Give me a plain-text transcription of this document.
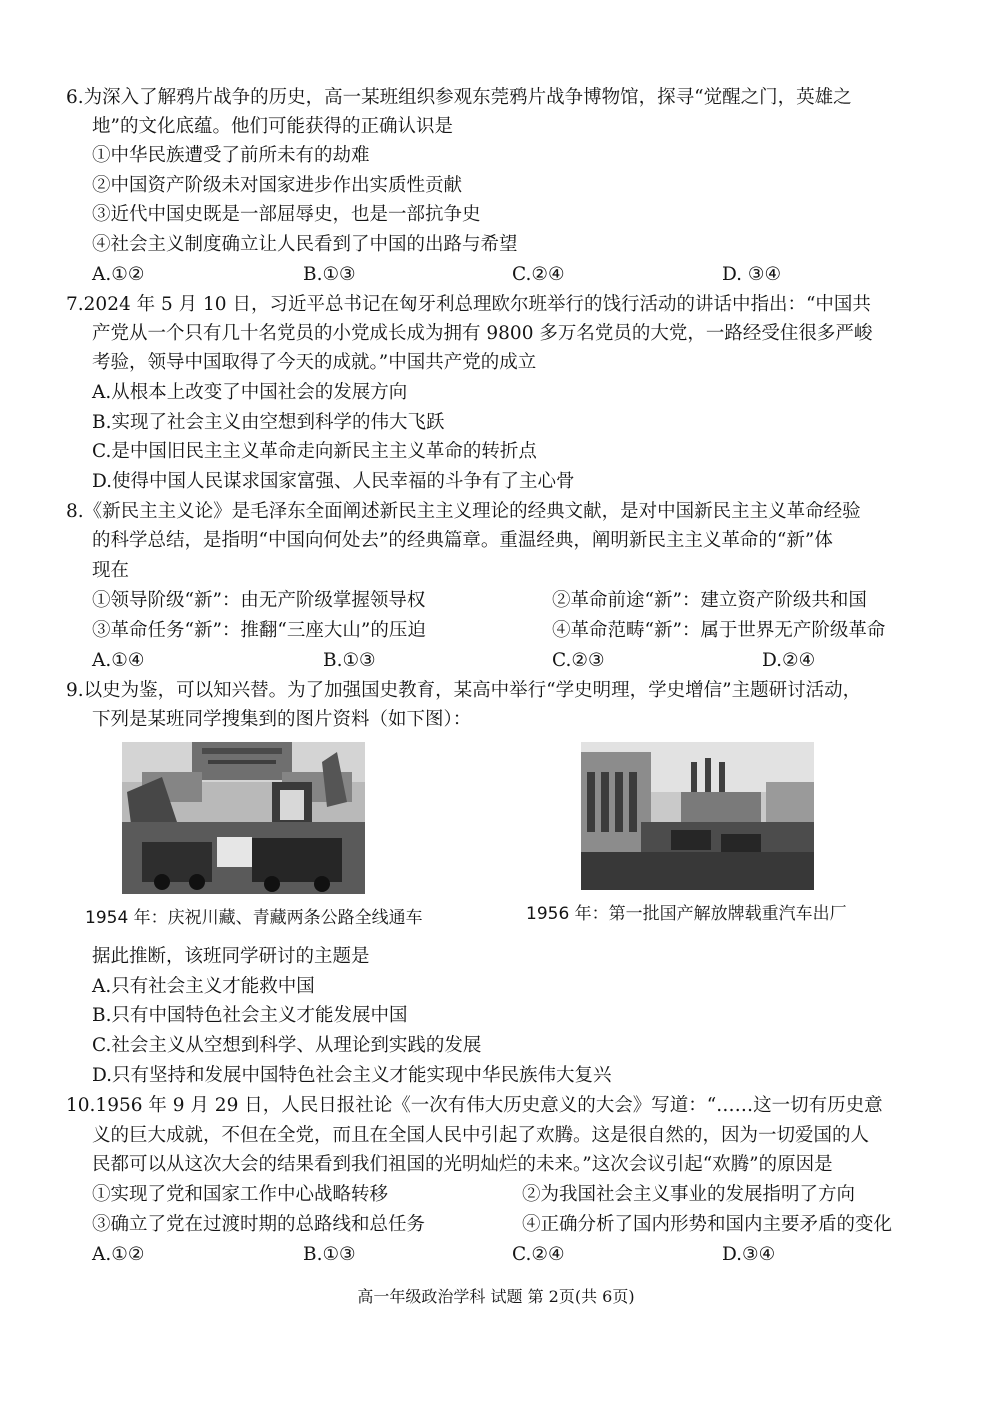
6.为深入了解鸦片战争的历史，高一某班组织参观东莞鸦片战争博物馆，探寻“觉醒之门，英雄之
地”的文化底蕴。他们可能获得的正确认识是
①中华民族遭受了前所未有的劫难
②中国资产阶级未对国家进步作出实质性贡献
③近代中国史既是一部屈辱史，也是一部抗争史
④社会主义制度确立让人民看到了中国的出路与希望
A.①②	B.①③	C.②④	D. ③④
7.2024 年 5 月 10 日，习近平总书记在匈牙利总理欧尔班举行的饯行活动的讲话中指出：“中国共
产党从一个只有几十名党员的小党成长成为拥有 9800 多万名党员的大党，一路经受住很多严峻
考验，领导中国取得了今天的成就。”中国共产党的成立
A.从根本上改变了中国社会的发展方向
B.实现了社会主义由空想到科学的伟大飞跃
C.是中国旧民主主义革命走向新民主主义革命的转折点
D.使得中国人民谋求国家富强、人民幸福的斗争有了主心骨
8.《新民主主义论》是毛泽东全面阐述新民主主义理论的经典文献，是对中国新民主主义革命经验
的科学总结，是指明“中国向何处去”的经典篇章。重温经典，阐明新民主主义革命的“新”体
现在
①领导阶级“新”：由无产阶级掌握领导权	②革命前途“新”：建立资产阶级共和国
③革命任务“新”：推翻“三座大山”的压迫	④革命范畴“新”：属于世界无产阶级革命
A.①④	B.①③	C.②③	D.②④
9.以史为鉴，可以知兴替。为了加强国史教育，某高中举行“学史明理，学史增信”主题研讨活动，
下列是某班同学搜集到的图片资料（如下图）：
1954 年：庆祝川藏、青藏两条公路全线通车	1956 年：第一批国产解放牌载重汽车出厂
据此推断，该班同学研讨的主题是
A.只有社会主义才能救中国
B.只有中国特色社会主义才能发展中国
C.社会主义从空想到科学、从理论到实践的发展
D.只有坚持和发展中国特色社会主义才能实现中华民族伟大复兴
10.1956 年 9 月 29 日，人民日报社论《一次有伟大历史意义的大会》写道：“……这一切有历史意
义的巨大成就，不但在全党，而且在全国人民中引起了欢腾。这是很自然的，因为一切爱国的人
民都可以从这次大会的结果看到我们祖国的光明灿烂的未来。”这次会议引起“欢腾”的原因是
①实现了党和国家工作中心战略转移	②为我国社会主义事业的发展指明了方向
③确立了党在过渡时期的总路线和总任务	④正确分析了国内形势和国内主要矛盾的变化
A.①②	B.①③	C.②④	D.③④
高一年级政治学科 试题 第 2页(共 6页)
